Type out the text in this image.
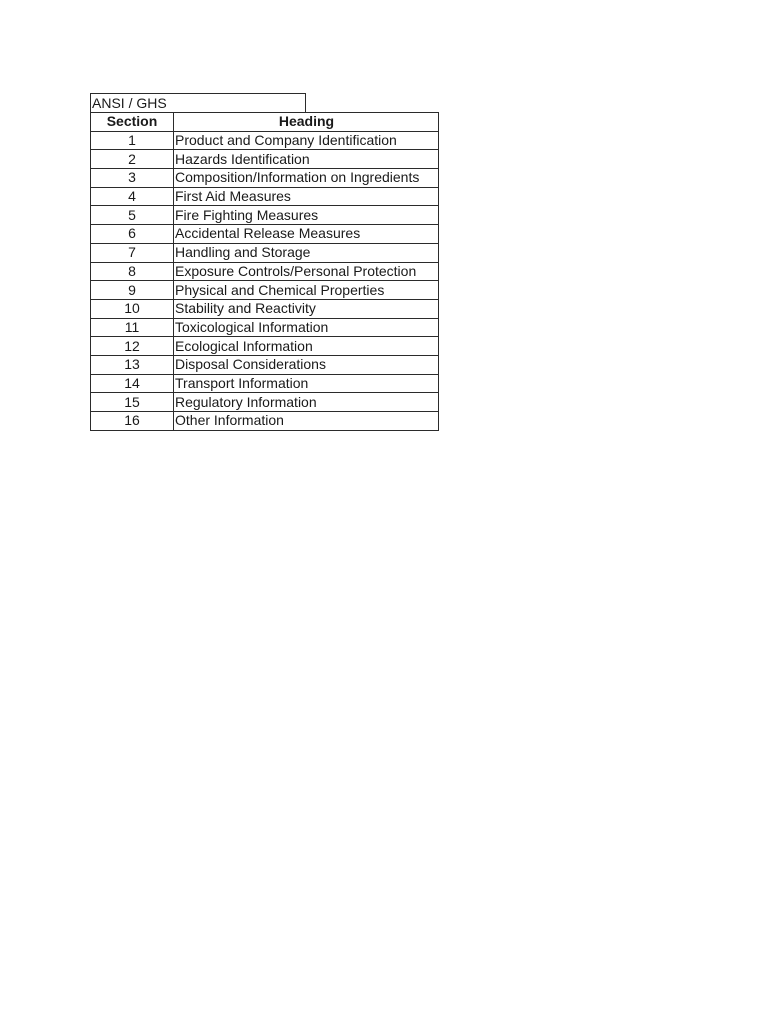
ANSI / GHS
Section	Heading
1	Product and Company Identification
2	Hazards Identification
3	Composition/Information on Ingredients
4	First Aid Measures
5	Fire Fighting Measures
6	Accidental Release Measures
7	Handling and Storage
8	Exposure Controls/Personal Protection
9	Physical and Chemical Properties
10	Stability and Reactivity
11	Toxicological Information
12	Ecological Information
13	Disposal Considerations
14	Transport Information
15	Regulatory Information
16	Other Information
